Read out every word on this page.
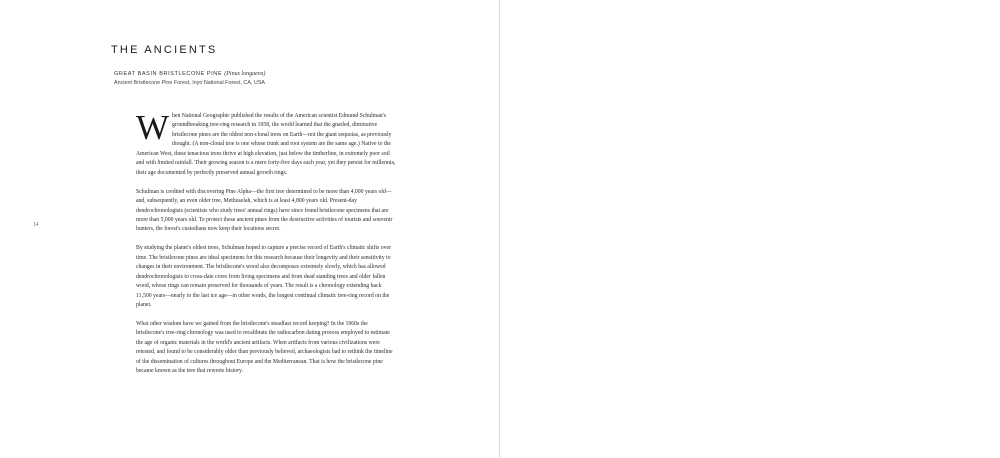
THE ANCIENTS
GREAT BASIN BRISTLECONE PINE (Pinus longaeva)
Ancient Bristlecone Pine Forest, Inyo National Forest, CA, USA
14

When National Geographic published the results of the American scientist Edmund Schulman's groundbreaking tree-ring research in 1958, the world learned that the gnarled, diminutive bristlecone pines are the oldest non-clonal trees on Earth—not the giant sequoias, as previously thought. (A non-clonal tree is one whose trunk and root system are the same age.) Native to the American West, these tenacious trees thrive at high elevation, just below the timberline, in extremely poor soil and with limited rainfall. Their growing season is a mere forty-five days each year, yet they persist for millennia, their age documented by perfectly preserved annual growth rings.

Schulman is credited with discovering Pine Alpha—the first tree determined to be more than 4,000 years old—and, subsequently, an even older tree, Methuselah, which is at least 4,800 years old. Present-day dendrochronologists (scientists who study trees' annual rings) have since found bristlecone specimens that are more than 5,000 years old. To protect these ancient pines from the destructive activities of tourists and souvenir hunters, the forest's custodians now keep their locations secret.

By studying the planet's oldest trees, Schulman hoped to capture a precise record of Earth's climatic shifts over time. The bristlecone pines are ideal specimens for this research because their longevity and their sensitivity to changes in their environment. The bristlecone's wood also decomposes extremely slowly, which has allowed dendrochronologists to cross-date cores from living specimens and from dead standing trees and older fallen wood, whose rings can remain preserved for thousands of years. The result is a chronology extending back 11,500 years—nearly to the last ice age—in other words, the longest continual climatic tree-ring record on the planet.

What other wisdom have we gained from the bristlecone's steadfast record keeping? In the 1960s the bristlecone's tree-ring chronology was used to recalibrate the radiocarbon dating process employed to estimate the age of organic materials in the world's ancient artifacts. When artifacts from various civilizations were retested, and found to be considerably older than previously believed, archaeologists had to rethink the timeline of the dissemination of cultures throughout Europe and the Mediterranean. That is how the bristlecone pine became known as the tree that rewrote history.
